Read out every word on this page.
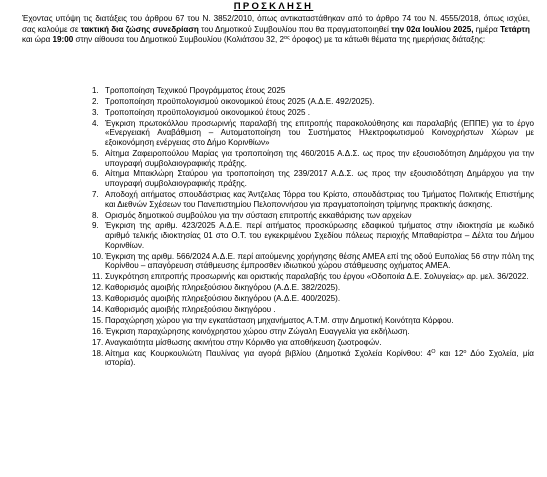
ΠΡΟΣΚΛΗΣΗ
Έχοντας υπόψη τις διατάξεις του άρθρου 67 του Ν. 3852/2010, όπως αντικαταστάθηκαν από το άρθρο 74 του Ν. 4555/2018, όπως ισχύει, σας καλούμε σε τακτική δια ζώσης συνεδρίαση του Δημοτικού Συμβουλίου που θα πραγματοποιηθεί την 02α Ιουλίου 2025, ημέρα Τετάρτη και ώρα 19:00 στην αίθουσα του Δημοτικού Συμβουλίου (Κολιάτσου 32, $2^{o\varsigma}$ όροφος) με τα κάτωθι θέματα της ημερήσιας διάταξης:
1. Τροποποίηση Τεχνικού Προγράμματος έτους 2025
2. Τροποποίηση προϋπολογισμού οικονομικού έτους 2025 (Α.Δ.Ε. 492/2025).
3. Τροποποίηση προϋπολογισμού οικονομικού έτους 2025 .
4. Έγκριση πρωτοκόλλου προσωρινής παραλαβή της επιτροπής παρακολούθησης και παραλαβής (ΕΠΠΕ) για το έργο «Ενεργειακή Αναβάθμιση – Αυτοματοποίηση του Συστήματος Ηλεκτροφωτισμού Κοινοχρήστων Χώρων με εξοικονόμηση ενέργειας στο Δήμο Κορινθίων»
5. Αίτημα Ζαφειροπούλου Μαρίας για τροποποίηση της 460/2015 Α.Δ.Σ. ως προς την εξουσιοδότηση Δημάρχου για την υπογραφή συμβολαιογραφικής πράξης.
6. Αίτημα Μπακλώρη Σταύρου για τροποποίηση της 239/2017 Α.Δ.Σ. ως προς την εξουσιοδότηση Δημάρχου για την υπογραφή συμβολαιογραφικής πράξης.
7. Αποδοχή αιτήματος σπουδάστριας κας Άντζελας Τόρρα του Κρίστο, σπουδάστριας του Τμήματος Πολιτικής Επιστήμης και Διεθνών Σχέσεων του Πανεπιστημίου Πελοποννήσου για πραγματοποίηση τρίμηνης πρακτικής άσκησης.
8. Ορισμός δημοτικού συμβούλου για την σύσταση επιτροπής εκκαθάρισης των αρχείων
9. Έγκριση της αριθμ. 423/2025 Α.Δ.Ε. περί αιτήματος προσκύρωσης εδαφικού τμήματος στην ιδιοκτησία με κωδικό αριθμό τελικής ιδιοκτησίας 01 στο Ο.Τ. του εγκεκριμένου Σχεδίου πόλεως περιοχής Μπαθαρίστρα – Δέλτα του Δήμου Κορινθίων.
10. Έγκριση της αριθμ. 566/2024 Α.Δ.Ε. περί αιτούμενης χορήγησης θέσης ΑΜΕΑ επί της οδού Ευπολίας 56 στην πόλη της Κορίνθου – απαγόρευση στάθμευσης έμπροσθεν ιδιωτικού χώρου στάθμευσης οχήματος ΑΜΕΑ.
11. Συγκρότηση επιτροπής προσωρινής και οριστικής παραλαβής του έργου «Οδοποιία Δ.Ε. Σολυγείας» αρ. μελ. 36/2022.
12. Καθορισμός αμοιβής πληρεξούσιου δικηγόρου (Α.Δ.Ε. 382/2025).
13. Καθορισμός αμοιβής πληρεξούσιου δικηγόρου (Α.Δ.Ε. 400/2025).
14. Καθορισμός αμοιβής πληρεξούσιου δικηγόρου .
15. Παραχώρηση χώρου για την εγκατάσταση μηχανήματος Α.Τ.Μ. στην Δημοτική Κοινότητα Κόρφου.
16. Έγκριση παραχώρησης κοινόχρηστου χώρου στην Ζώγαλη Ευαγγελία για εκδήλωση.
17. Αναγκαιότητα μίσθωσης ακινήτου στην Κόρινθο για αποθήκευση ζωοτροφών.
18. Αίτημα κας Κουρκουλιώτη Παυλίνας για αγορά βιβλίου (Δημοτικά Σχολεία Κορίνθου: $4^O$ και $12^o$ Δύο Σχολεία, μία ιστορία).
